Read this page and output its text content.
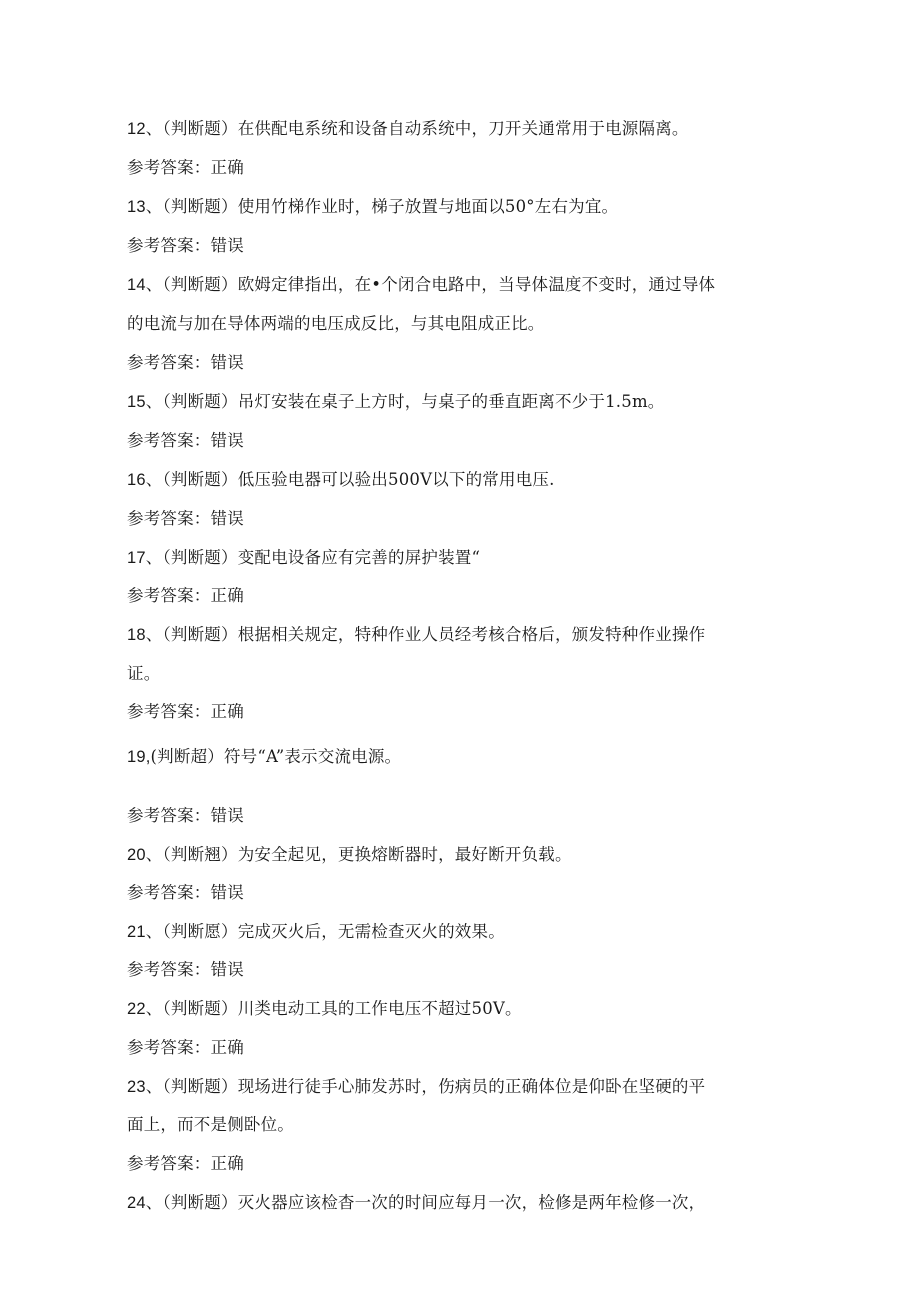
12、（判断题）在供配电系统和设备自动系统中，刀开关通常用于电源隔离。
参考答案：正确
13、（判断题）使用竹梯作业时，梯子放置与地面以50°左右为宜。
参考答案：错误
14、（判断题）欧姆定律指出，在•个闭合电路中，当导体温度不变时，通过导体
的电流与加在导体两端的电压成反比，与其电阻成正比。
参考答案：错误
15、（判断题）吊灯安装在桌子上方时，与桌子的垂直距离不少于1.5m。
参考答案：错误
16、（判断题）低压验电器可以验出500V以下的常用电压.
参考答案：错误
17、（判断题）变配电设备应有完善的屏护装置“
参考答案：正确
18、（判断题）根据相关规定，特种作业人员经考核合格后，颁发特种作业操作
证。
参考答案：正确
19,(判断超）符号“A”表示交流电源。
参考答案：错误
20、（判断翘）为安全起见，更换熔断器时，最好断开负载。
参考答案：错误
21、（判断愿）完成灭火后，无需检查灭火的效果。
参考答案：错误
22、（判断题）川类电动工具的工作电压不超过50V。
参考答案：正确
23、（判断题）现场进行徒手心肺发苏时，伤病员的正确体位是仰卧在坚硬的平
面上，而不是侧卧位。
参考答案：正确
24、（判断题）灭火器应该检杳一次的时间应每月一次，检修是两年检修一次，
